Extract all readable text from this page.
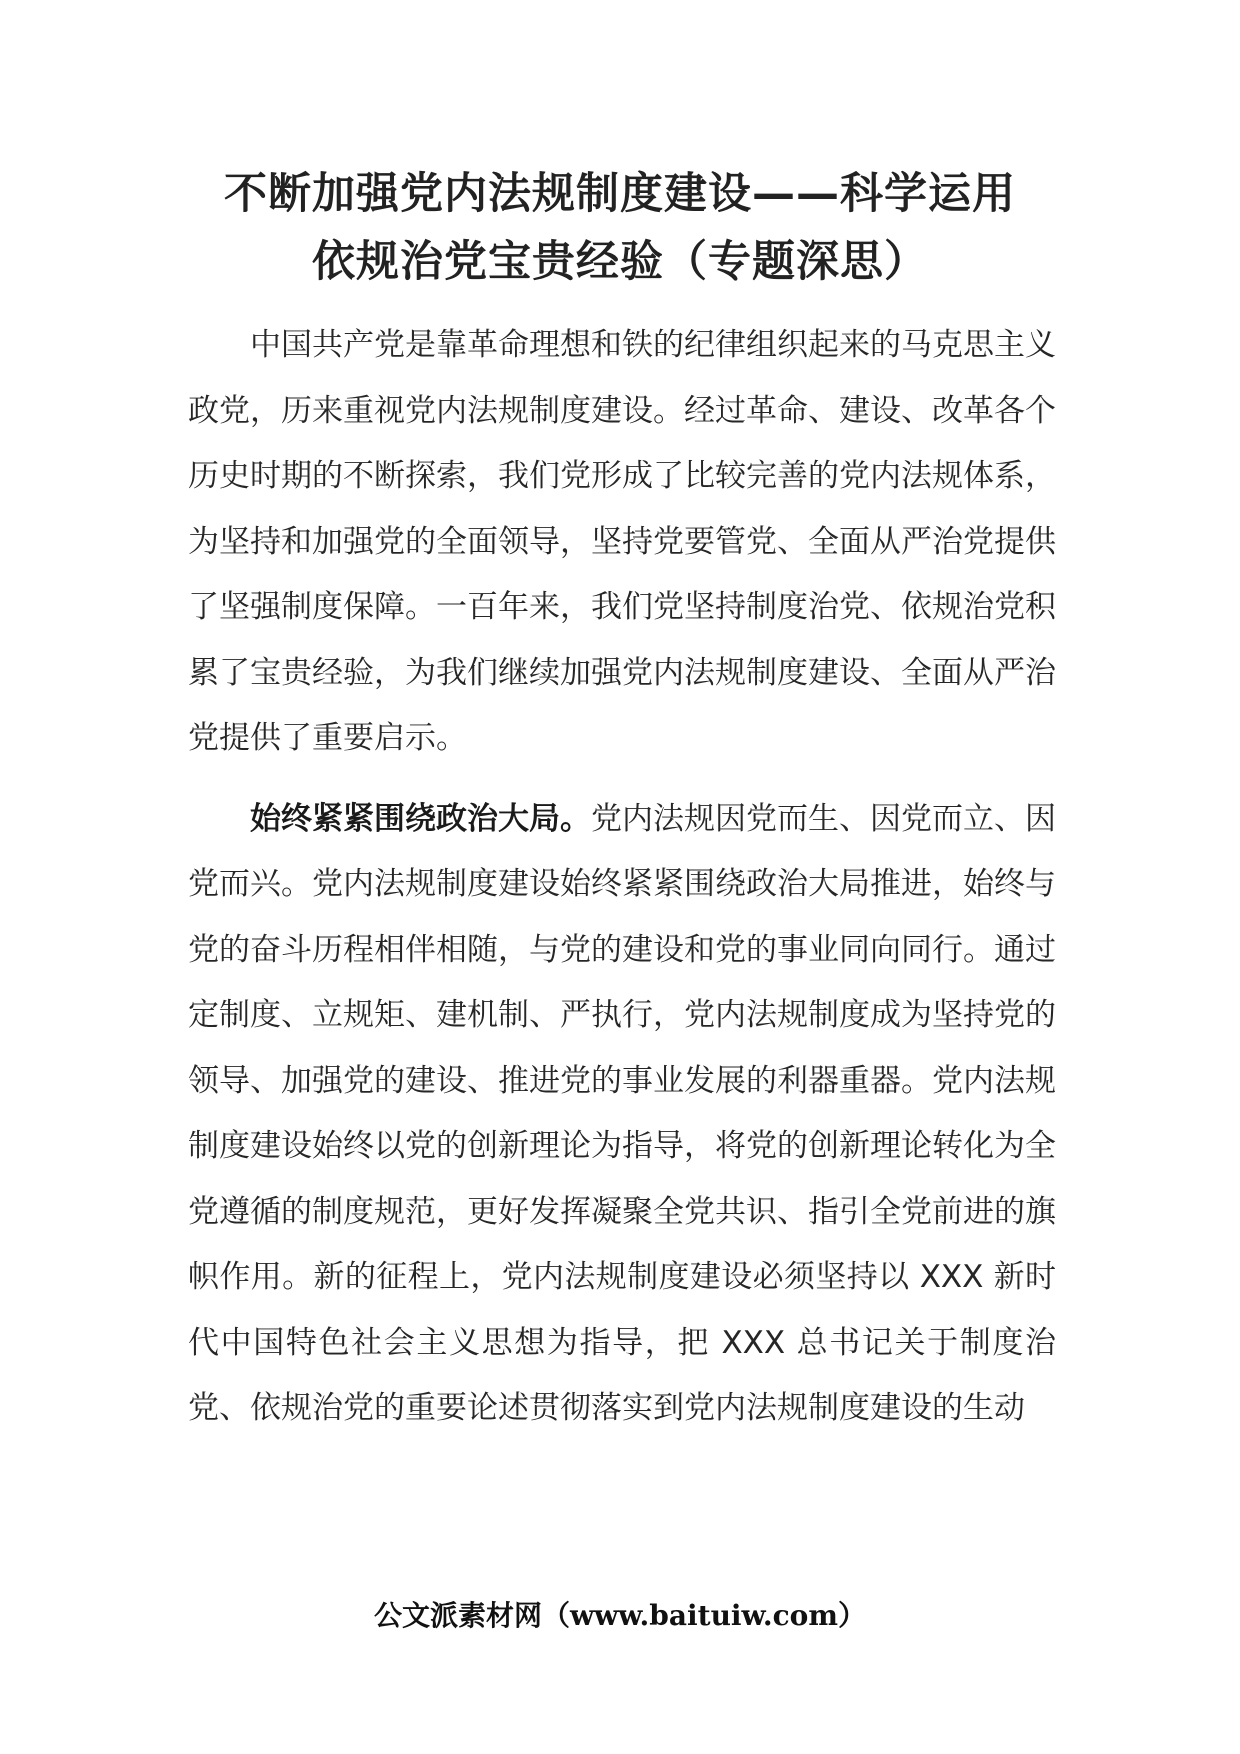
不断加强党内法规制度建设——科学运用
依规治党宝贵经验（专题深思）

中国共产党是靠革命理想和铁的纪律组织起来的马克思主义政党，历来重视党内法规制度建设。经过革命、建设、改革各个历史时期的不断探索，我们党形成了比较完善的党内法规体系，为坚持和加强党的全面领导，坚持党要管党、全面从严治党提供了坚强制度保障。一百年来，我们党坚持制度治党、依规治党积累了宝贵经验，为我们继续加强党内法规制度建设、全面从严治党提供了重要启示。

始终紧紧围绕政治大局。党内法规因党而生、因党而立、因党而兴。党内法规制度建设始终紧紧围绕政治大局推进，始终与党的奋斗历程相伴相随，与党的建设和党的事业同向同行。通过定制度、立规矩、建机制、严执行，党内法规制度成为坚持党的领导、加强党的建设、推进党的事业发展的利器重器。党内法规制度建设始终以党的创新理论为指导，将党的创新理论转化为全党遵循的制度规范，更好发挥凝聚全党共识、指引全党前进的旗帜作用。新的征程上，党内法规制度建设必须坚持以 XXX 新时代中国特色社会主义思想为指导，把 XXX 总书记关于制度治党、依规治党的重要论述贯彻落实到党内法规制度建设的生动

公文派素材网（www.baituiw.com）
